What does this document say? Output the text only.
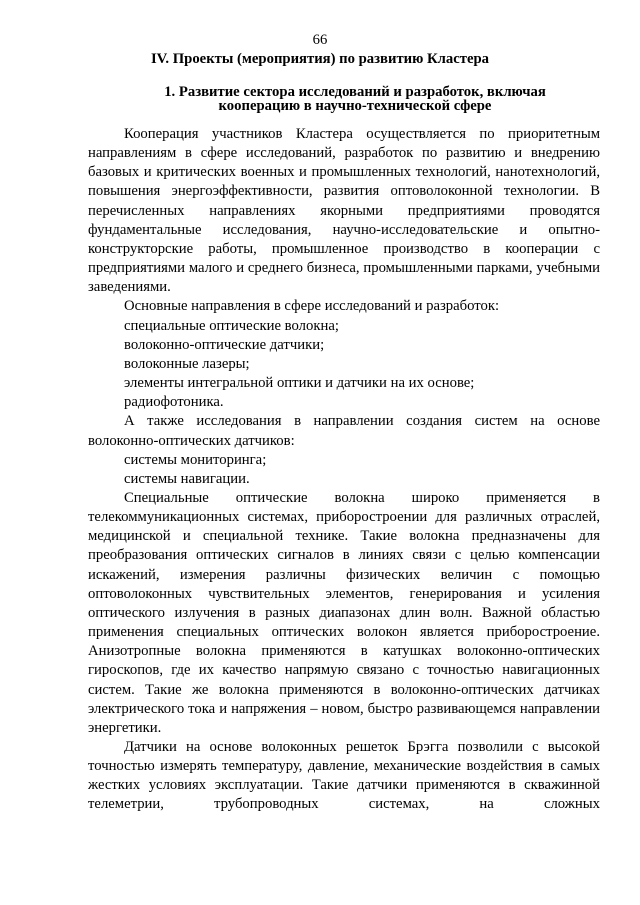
66
IV. Проекты (мероприятия) по развитию Кластера
1. Развитие сектора исследований и разработок, включая кооперацию в научно-технической сфере

Кооперация участников Кластера осуществляется по приоритетным направлениям в сфере исследований, разработок по развитию и внедрению базовых и критических военных и промышленных технологий, нанотехнологий, повышения энергоэффективности, развития оптоволоконной технологии. В перечисленных направлениях якорными предприятиями проводятся фундаментальные исследования, научно-исследовательские и опытно-конструкторские работы, промышленное производство в кооперации с предприятиями малого и среднего бизнеса, промышленными парками, учебными заведениями.

Основные направления в сфере исследований и разработок:

специальные оптические волокна;

волоконно-оптические датчики;

волоконные лазеры;

элементы интегральной оптики и датчики на их основе;

радиофотоника.

А также исследования в направлении создания систем на основе волоконно-оптических датчиков:

системы мониторинга;

системы навигации.

Специальные оптические волокна широко применяется в телекоммуникационных системах, приборостроении для различных отраслей, медицинской и специальной технике. Такие волокна предназначены для преобразования оптических сигналов в линиях связи с целью компенсации искажений, измерения различны физических величин с помощью оптоволоконных чувствительных элементов, генерирования и усиления оптического излучения в разных диапазонах длин волн. Важной областью применения специальных оптических волокон является приборостроение. Анизотропные волокна применяются в катушках волоконно-оптических гироскопов, где их качество напрямую связано с точностью навигационных систем. Такие же волокна применяются в волоконно-оптических датчиках электрического тока и напряжения – новом, быстро развивающемся направлении энергетики.

Датчики на основе волоконных решеток Брэгга позволили с высокой точностью измерять температуру, давление, механические воздействия в самых жестких условиях эксплуатации. Такие датчики применяются в скважинной телеметрии, трубопроводных системах, на сложных
